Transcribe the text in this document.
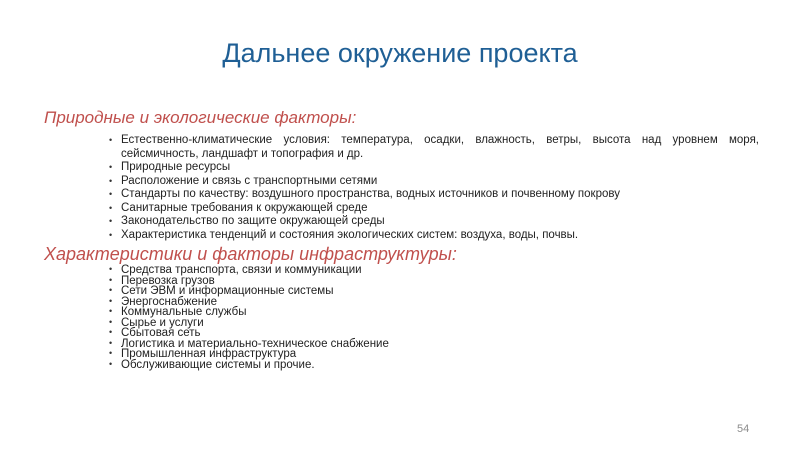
Дальнее окружение проекта
Природные и экологические факторы:
• Естественно-климатические условия: температура, осадки, влажность, ветры, высота над уровнем моря, сейсмичность, ландшафт и топография и др.
• Природные ресурсы
• Расположение и связь с транспортными сетями
• Стандарты по качеству: воздушного пространства, водных источников и почвенному покрову
• Санитарные требования к окружающей среде
• Законодательство по защите окружающей среды
• Характеристика тенденций и состояния экологических систем: воздуха, воды, почвы.
Характеристики и факторы инфраструктуры:
• Средства транспорта, связи и коммуникации
• Перевозка грузов
• Сети ЭВМ и информационные системы
• Энергоснабжение
• Коммунальные службы
• Сырье и услуги
• Сбытовая сеть
• Логистика и материально-техническое снабжение
• Промышленная инфраструктура
• Обслуживающие системы и прочие.
54
